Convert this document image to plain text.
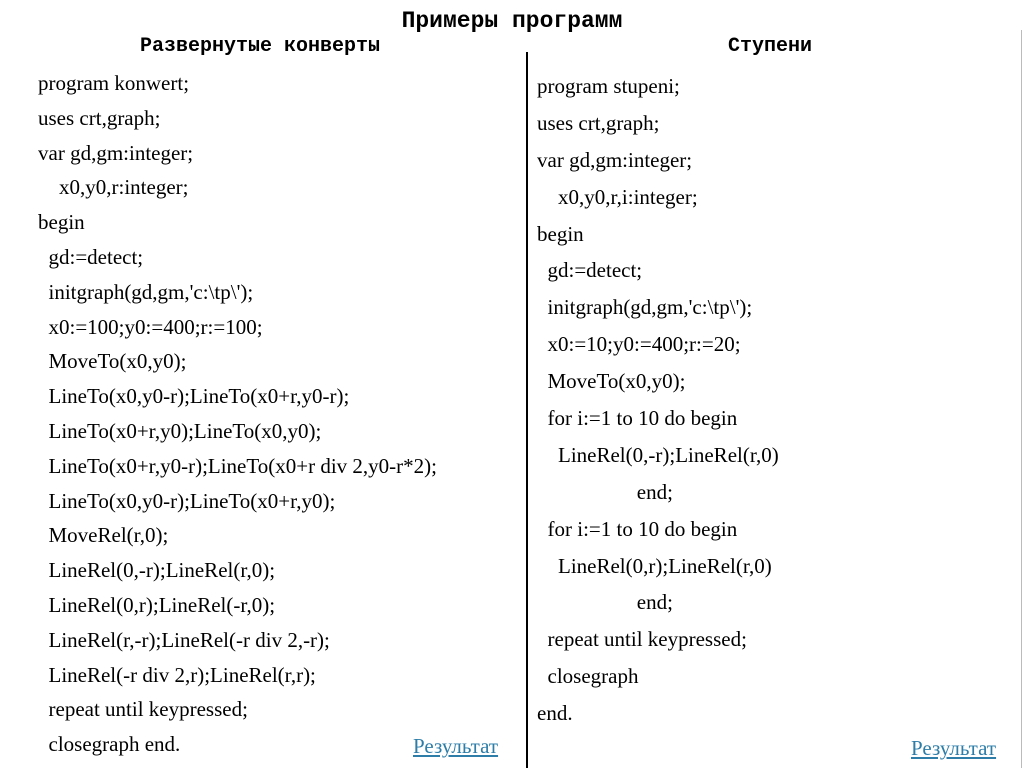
Примеры программ
Развернутые конверты	Ступени
program konwert;
uses crt,graph;
var gd,gm:integer;
x0,y0,r:integer;
begin
gd:=detect;
initgraph(gd,gm,'c:\tp\');
x0:=100;y0:=400;r:=100;
MoveTo(x0,y0);
LineTo(x0,y0-r);LineTo(x0+r,y0-r);
LineTo(x0+r,y0);LineTo(x0,y0);
LineTo(x0+r,y0-r);LineTo(x0+r div 2,y0-r*2);
LineTo(x0,y0-r);LineTo(x0+r,y0);
MoveRel(r,0);
LineRel(0,-r);LineRel(r,0);
LineRel(0,r);LineRel(-r,0);
LineRel(r,-r);LineRel(-r div 2,-r);
LineRel(-r div 2,r);LineRel(r,r);
repeat until keypressed;
closegraph end.
program stupeni;
uses crt,graph;
var gd,gm:integer;
x0,y0,r,i:integer;
begin
gd:=detect;
initgraph(gd,gm,'c:\tp\');
x0:=10;y0:=400;r:=20;
MoveTo(x0,y0);
for i:=1 to 10 do begin
LineRel(0,-r);LineRel(r,0)
end;
for i:=1 to 10 do begin
LineRel(0,r);LineRel(r,0)
end;
repeat until keypressed;
closegraph
end.
Результат	Результат
